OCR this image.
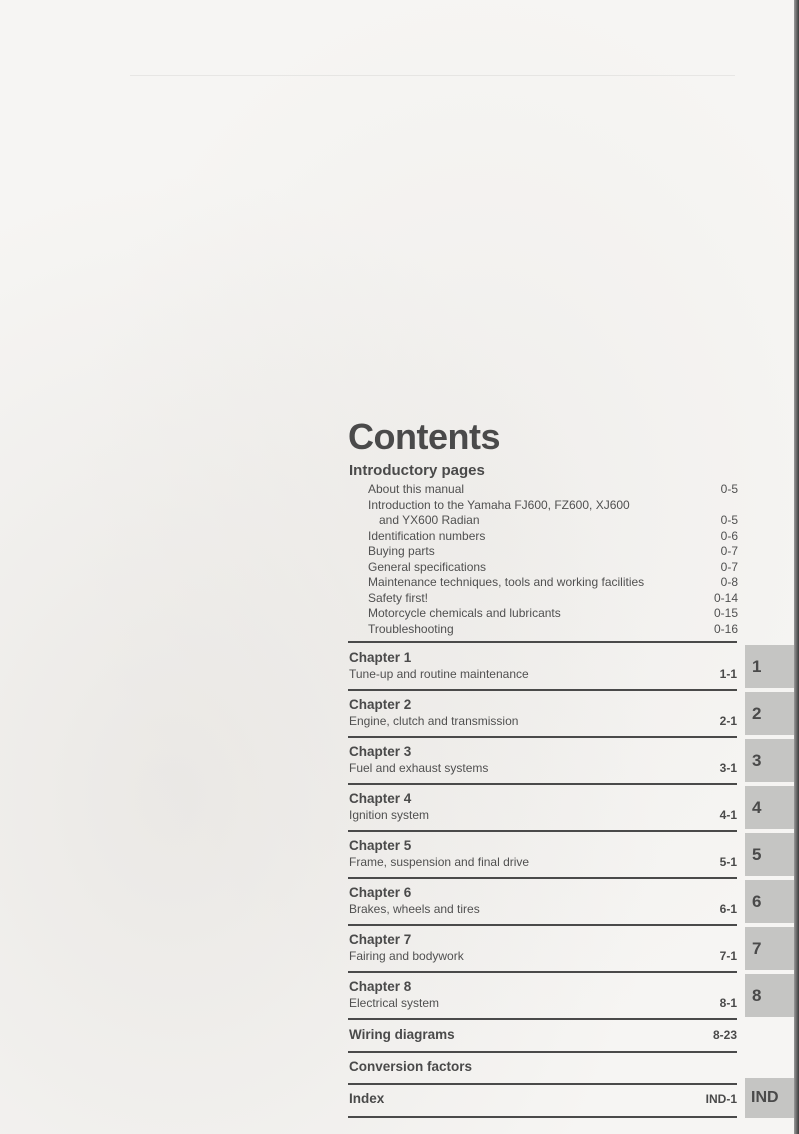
Contents
Introductory pages
About this manual	0-5
Introduction to the Yamaha FJ600, FZ600, XJ600
and YX600 Radian	0-5
Identification numbers	0-6
Buying parts	0-7
General specifications	0-7
Maintenance techniques, tools and working facilities	0-8
Safety first!	0-14
Motorcycle chemicals and lubricants	0-15
Troubleshooting	0-16
Chapter 1
Tune-up and routine maintenance	1-1
Chapter 2
Engine, clutch and transmission	2-1
Chapter 3
Fuel and exhaust systems	3-1
Chapter 4
Ignition system	4-1
Chapter 5
Frame, suspension and final drive	5-1
Chapter 6
Brakes, wheels and tires	6-1
Chapter 7
Fairing and bodywork	7-1
Chapter 8
Electrical system	8-1
Wiring diagrams	8-23
Conversion factors
Index	IND-1
1
2
3
4
5
6
7
8
IND
